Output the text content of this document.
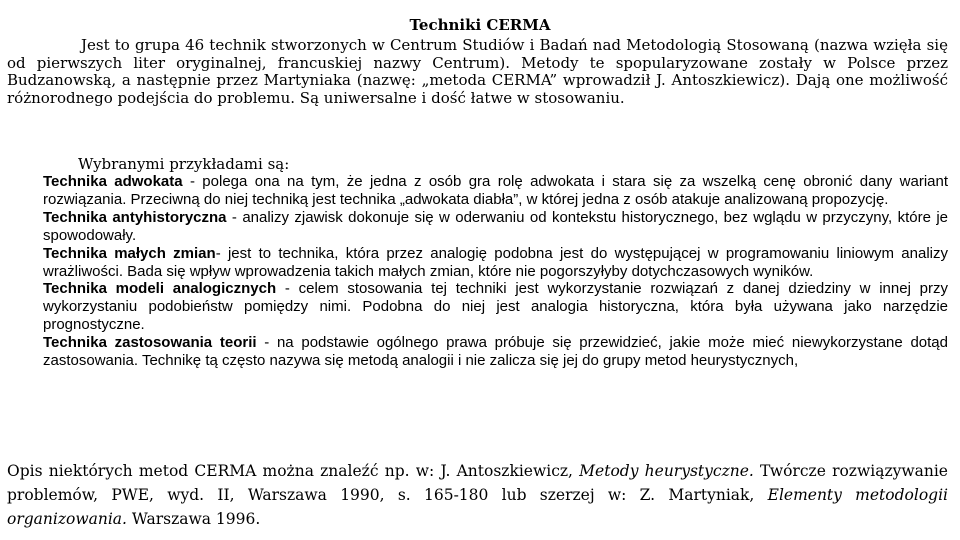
Techniki CERMA

Jest to grupa 46 technik stworzonych w Centrum Studiów i Badań nad Metodologią Stosowaną (nazwa wzięła się od pierwszych liter oryginalnej, francuskiej nazwy Centrum). Metody te spopularyzowane zostały w Polsce przez Budzanowską, a następnie przez Martyniaka (nazwę: „metoda CERMA” wprowadził J. Antoszkiewicz). Dają one możliwość różnorodnego podejścia do problemu. Są uniwersalne i dość łatwe w stosowaniu.

Wybranymi przykładami są:

Technika adwokata - polega ona na tym, że jedna z osób gra rolę adwokata i stara się za wszelką cenę obronić dany wariant rozwiązania. Przeciwną do niej techniką jest technika „adwokata diabła”, w której jedna z osób atakuje analizowaną propozycję.
Technika antyhistoryczna - analizy zjawisk dokonuje się w oderwaniu od kontekstu historycznego, bez wglądu w przyczyny, które je spowodowały.
Technika małych zmian- jest to technika, która przez analogię podobna jest do występującej w programowaniu liniowym analizy wrażliwości. Bada się wpływ wprowadzenia takich małych zmian, które nie pogorszyłyby dotychczasowych wyników.
Technika modeli analogicznych - celem stosowania tej techniki jest wykorzystanie rozwiązań z danej dziedziny w innej przy wykorzystaniu podobieństw pomiędzy nimi. Podobna do niej jest analogia historyczna, która była używana jako narzędzie prognostyczne.
Technika zastosowania teorii - na podstawie ogólnego prawa próbuje się przewidzieć, jakie może mieć niewykorzystane dotąd zastosowania. Technikę tą często nazywa się metodą analogii i nie zalicza się jej do grupy metod heurystycznych,

Opis niektórych metod CERMA można znaleźć np. w: J. Antoszkiewicz, Metody heurystyczne. Twórcze rozwiązywanie problemów, PWE, wyd. II, Warszawa 1990, s. 165-180 lub szerzej w: Z. Martyniak, Elementy metodologii organizowania. Warszawa 1996.
